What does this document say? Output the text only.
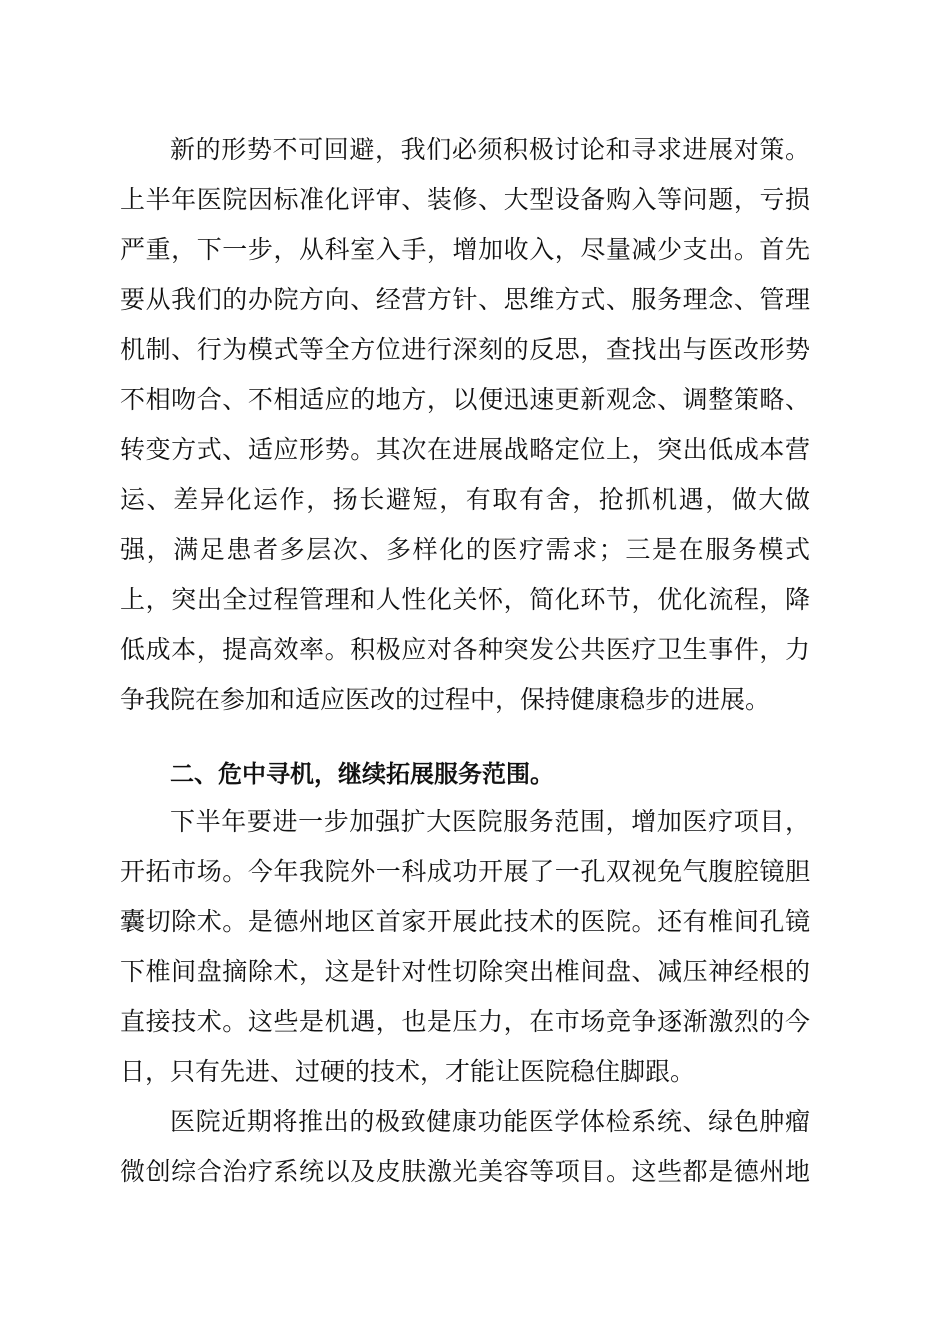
新的形势不可回避，我们必须积极讨论和寻求进展对策。

上半年医院因标准化评审、装修、大型设备购入等问题，亏损

严重，下一步，从科室入手，增加收入，尽量减少支出。首先

要从我们的办院方向、经营方针、思维方式、服务理念、管理

机制、行为模式等全方位进行深刻的反思，查找出与医改形势

不相吻合、不相适应的地方，以便迅速更新观念、调整策略、

转变方式、适应形势。其次在进展战略定位上，突出低成本营

运、差异化运作，扬长避短，有取有舍，抢抓机遇，做大做

强，满足患者多层次、多样化的医疗需求；三是在服务模式

上，突出全过程管理和人性化关怀，简化环节，优化流程，降

低成本，提高效率。积极应对各种突发公共医疗卫生事件，力

争我院在参加和适应医改的过程中，保持健康稳步的进展。

二、危中寻机，继续拓展服务范围。

下半年要进一步加强扩大医院服务范围，增加医疗项目，

开拓市场。今年我院外一科成功开展了一孔双视免气腹腔镜胆

囊切除术。是德州地区首家开展此技术的医院。还有椎间孔镜

下椎间盘摘除术，这是针对性切除突出椎间盘、减压神经根的

直接技术。这些是机遇，也是压力，在市场竞争逐渐激烈的今

日，只有先进、过硬的技术，才能让医院稳住脚跟。

医院近期将推出的极致健康功能医学体检系统、绿色肿瘤

微创综合治疗系统以及皮肤激光美容等项目。这些都是德州地
